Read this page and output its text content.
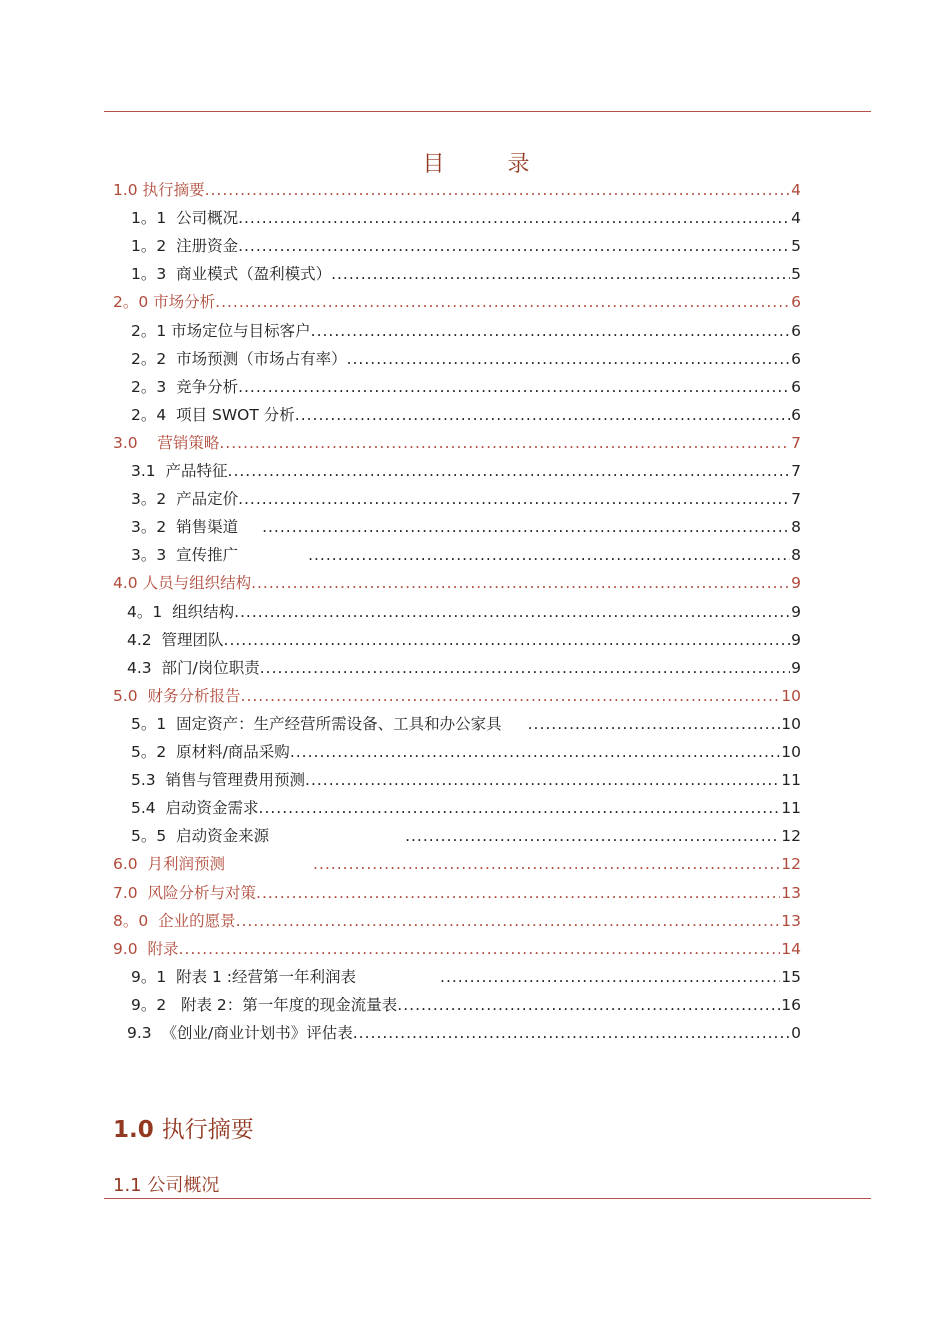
目 录
1.0 执行摘要 .....	4
1。1  公司概况 .....	4
1。2  注册资金 .....	5
1。3  商业模式（盈利模式） .....	5
2。0 市场分析 .....	6
2。1 市场定位与目标客户 .....	6
2。2  市场预测（市场占有率） .....	6
2。3  竞争分析 .....	6
2。4  项目 SWOT 分析 .....	6
3.0    营销策略 .....	7
3.1  产品特征 .....	7
3。2  产品定价 .....	7
3。2  销售渠道 .....	8
3。3  宣传推广 .....	8
4.0 人员与组织结构 .....	9
4。1  组织结构 .....	9
4.2  管理团队 .....	9
4.3  部门/岗位职责 .....	9
5.0  财务分析报告 .....	10
5。1  固定资产：生产经营所需设备、工具和办公家具 .....	10
5。2  原材料/商品采购 .....	10
5.3  销售与管理费用预测 .....	11
5.4  启动资金需求 .....	11
5。5  启动资金来源 .....	12
6.0  月利润预测 .....	12
7.0  风险分析与对策 .....	13
8。0  企业的愿景 .....	13
9.0  附录 .....	14
9。1  附表 1 :经营第一年利润表 .....	15
9。2   附表 2：第一年度的现金流量表 .....	16
9.3  《创业/商业计划书》评估表 .....	0
1.0 执行摘要
1.1 公司概况
